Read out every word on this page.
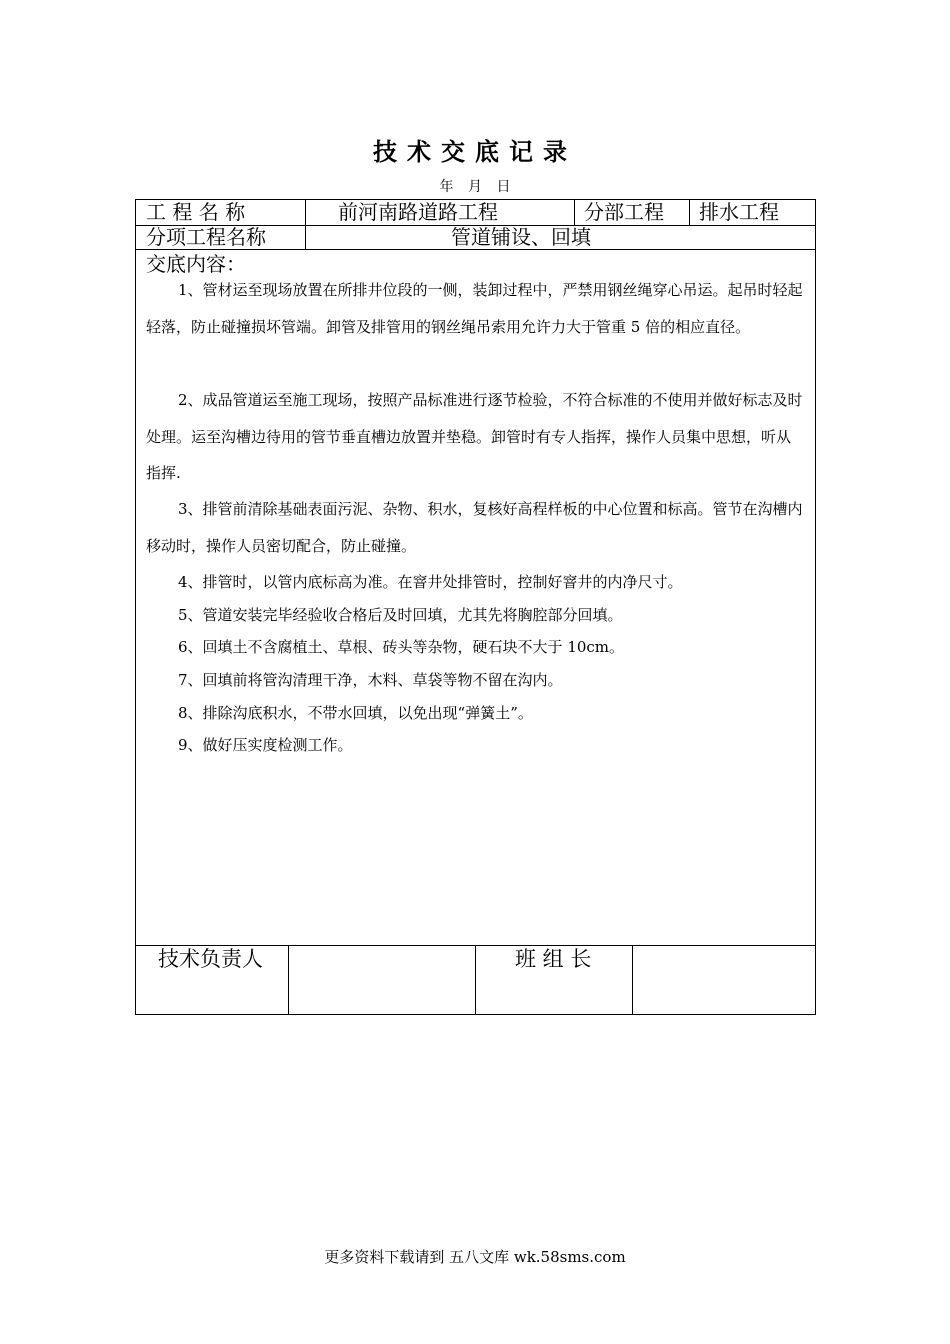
技术交底记录
年 月 日
工 程 名 称	前河南路道路工程	分部工程 排水工程
分项工程名称	管道铺设、回填
交底内容：
1、管材运至现场放置在所排井位段的一侧，装卸过程中，严禁用钢丝绳穿心吊运。起吊时轻起轻落，防止碰撞损坏管端。卸管及排管用的钢丝绳吊索用允许力大于管重 5 倍的相应直径。
2、成品管道运至施工现场，按照产品标准进行逐节检验，不符合标准的不使用并做好标志及时处理。运至沟槽边待用的管节垂直槽边放置并垫稳。卸管时有专人指挥，操作人员集中思想，听从指挥.
3、排管前清除基础表面污泥、杂物、积水，复核好高程样板的中心位置和标高。管节在沟槽内移动时，操作人员密切配合，防止碰撞。
4、排管时，以管内底标高为准。在窨井处排管时，控制好窨井的内净尺寸。
5、管道安装完毕经验收合格后及时回填，尤其先将胸腔部分回填。
6、回填土不含腐植土、草根、砖头等杂物，硬石块不大于 10cm。
7、回填前将管沟清理干净，木料、草袋等物不留在沟内。
8、排除沟底积水，不带水回填，以免出现“弹簧土”。
9、做好压实度检测工作。
技术负责人	班 组 长
更多资料下载请到 五八文库 wk.58sms.com
